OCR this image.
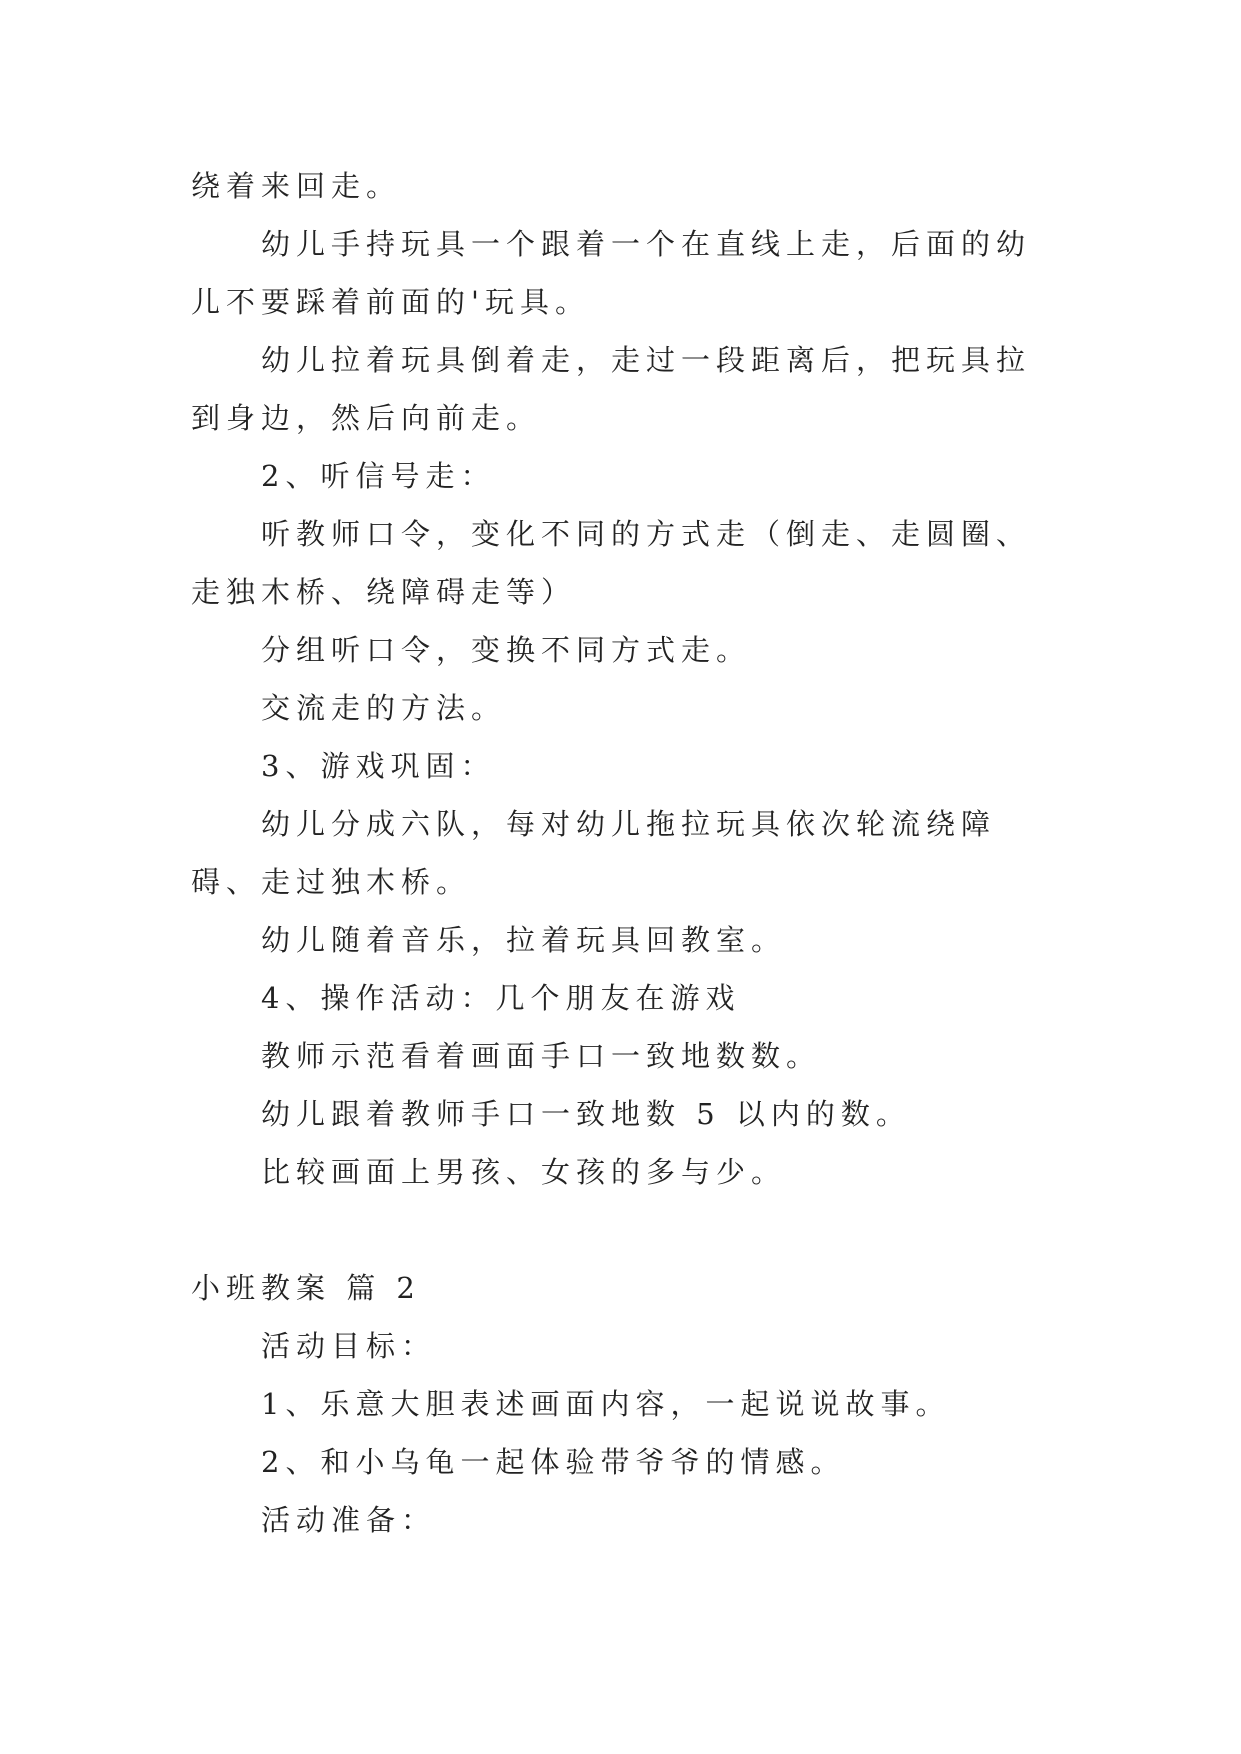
绕着来回走。

幼儿手持玩具一个跟着一个在直线上走，后面的幼儿不要踩着前面的'玩具。

幼儿拉着玩具倒着走，走过一段距离后，把玩具拉到身边，然后向前走。

2、听信号走：

听教师口令，变化不同的方式走（倒走、走圆圈、走独木桥、绕障碍走等）

分组听口令，变换不同方式走。

交流走的方法。

3、游戏巩固：

幼儿分成六队，每对幼儿拖拉玩具依次轮流绕障碍、走过独木桥。

幼儿随着音乐，拉着玩具回教室。

4、操作活动：几个朋友在游戏

教师示范看着画面手口一致地数数。

幼儿跟着教师手口一致地数 5 以内的数。

比较画面上男孩、女孩的多与少。

小班教案 篇 2

活动目标：

1、乐意大胆表述画面内容，一起说说故事。

2、和小乌龟一起体验带爷爷的情感。

活动准备：
